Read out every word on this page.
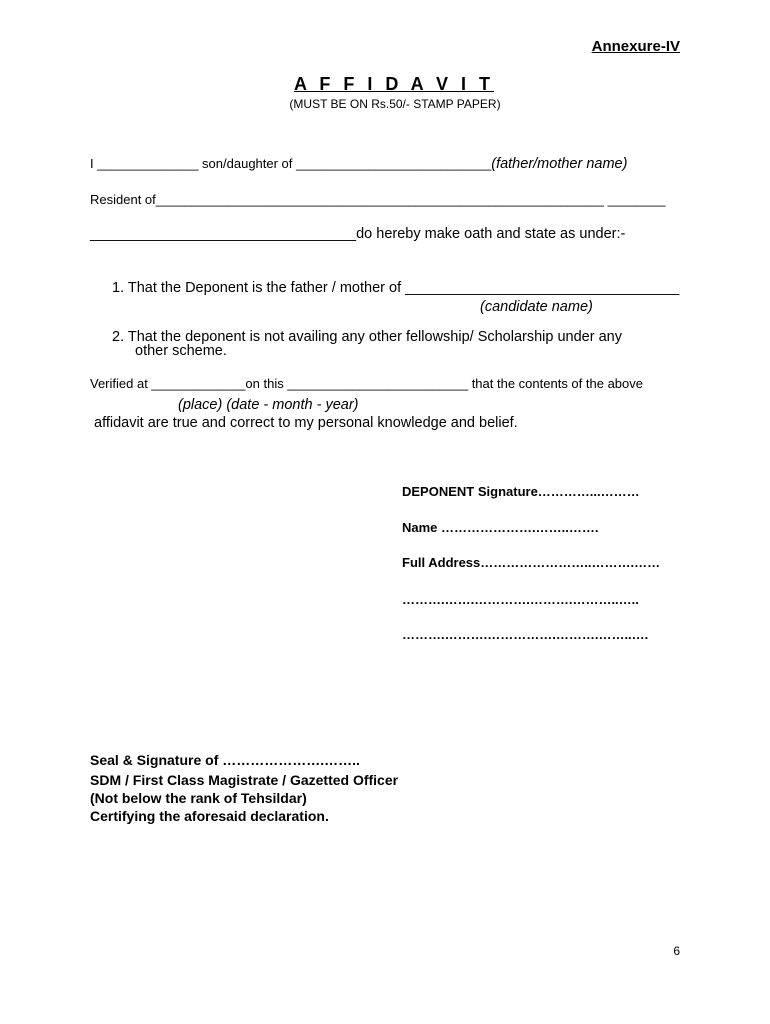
Annexure-IV
A F F I D A V I T
(MUST BE ON Rs.50/- STAMP PAPER)
I ______________ son/daughter of ___________________________(father/mother name)
Resident of______________________________________________________________ ________
_________________________________do hereby make oath and state as under:-
1. That the Deponent is the father / mother of __________________________________
(candidate name)
2. That the deponent is not availing any other fellowship/ Scholarship under any
other scheme.
Verified at _____________on this _________________________ that the contents of the above
(place) (date - month - year)
affidavit are true and correct to my personal knowledge and belief.
DEPONENT Signature…………...………
Name ………………….……..…….
Full Address……………………..……….……
……….…….………….……….………..…..
……….……….…………….……….……..….
Seal & Signature of ………………….……..
SDM / First Class Magistrate / Gazetted Officer
(Not below the rank of Tehsildar)
Certifying the aforesaid declaration.
6
